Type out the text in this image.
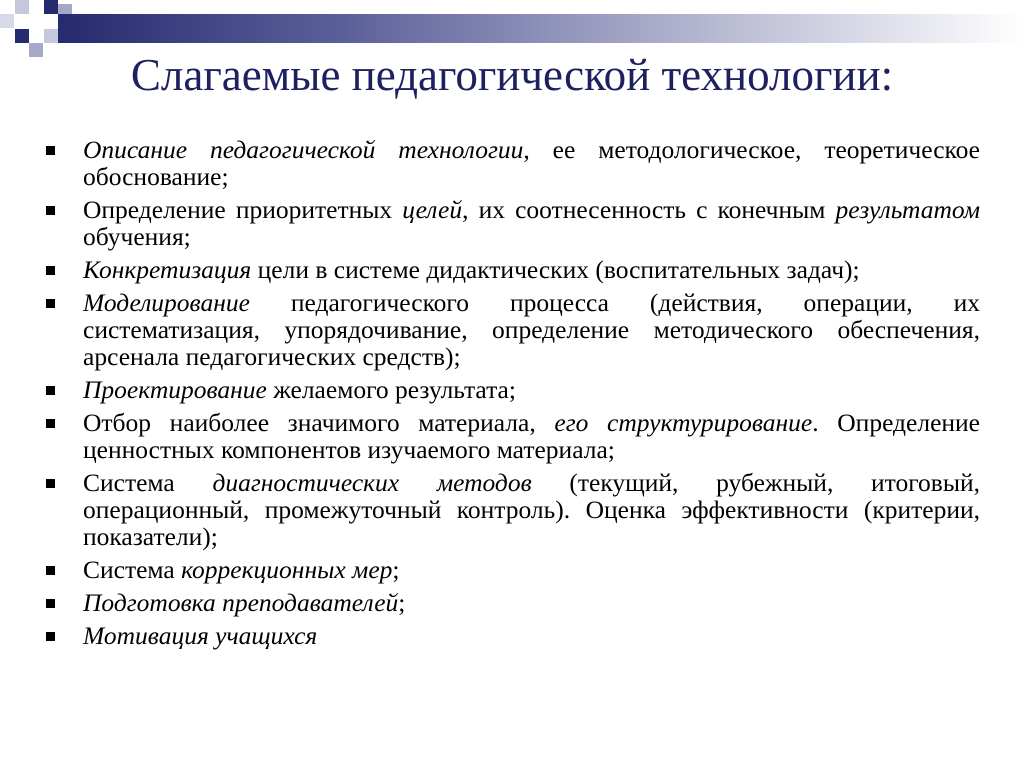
Слагаемые педагогической технологии:
Описание педагогической технологии, ее методологическое, теоретическое обоснование;
Определение приоритетных целей, их соотнесенность с конечным результатом обучения;
Конкретизация цели в системе дидактических (воспитательных задач);
Моделирование педагогического процесса (действия, операции, их систематизация, упорядочивание, определение методического обеспечения, арсенала педагогических средств);
Проектирование желаемого результата;
Отбор наиболее значимого материала, его структурирование. Определение ценностных компонентов изучаемого материала;
Система диагностических методов (текущий, рубежный, итоговый, операционный, промежуточный контроль). Оценка эффективности (критерии, показатели);
Система коррекционных мер;
Подготовка преподавателей;
Мотивация учащихся
